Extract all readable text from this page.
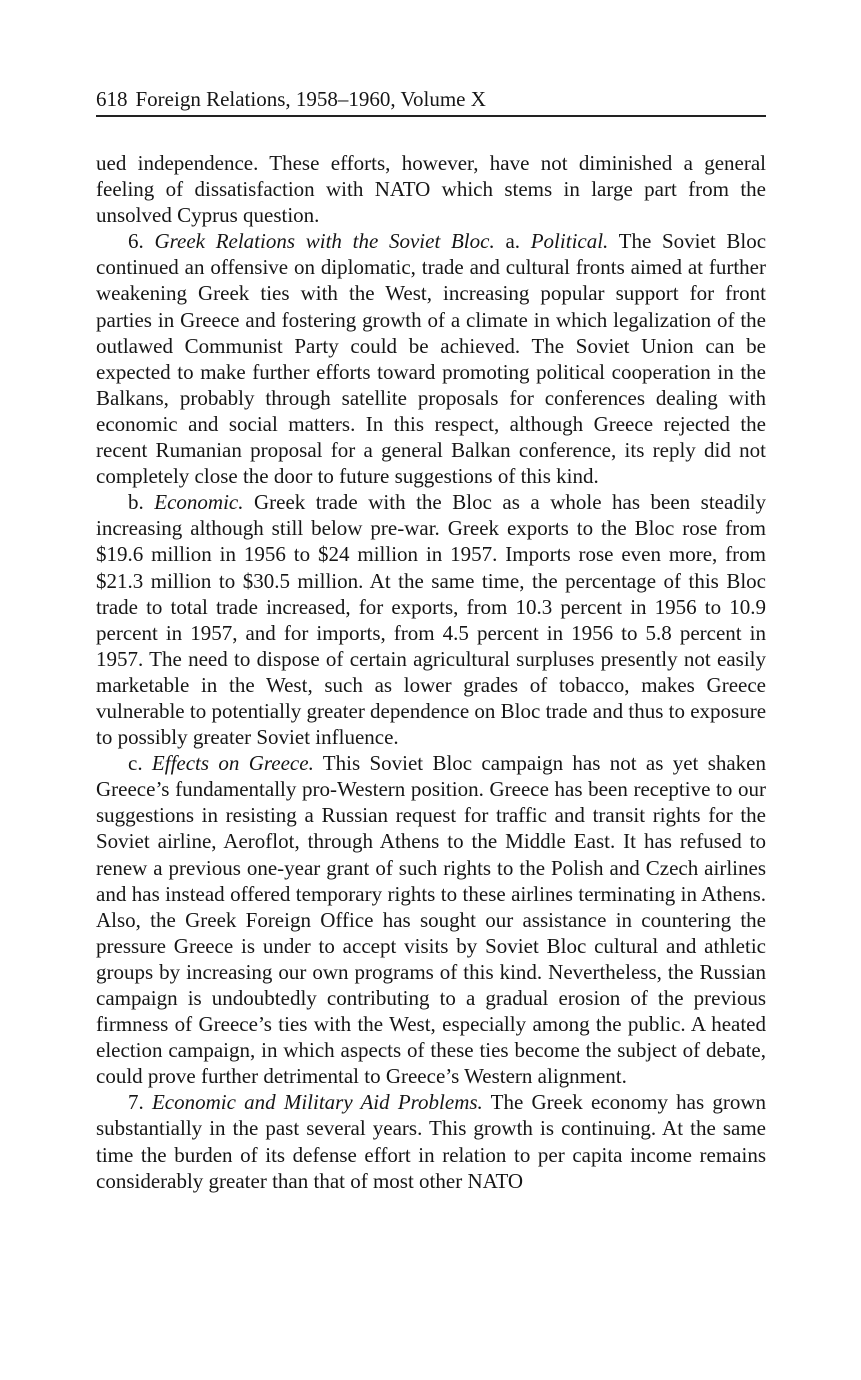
618 Foreign Relations, 1958–1960, Volume X

ued independence. These efforts, however, have not diminished a general feeling of dissatisfaction with NATO which stems in large part from the unsolved Cyprus question.

6. Greek Relations with the Soviet Bloc. a. Political. The Soviet Bloc continued an offensive on diplomatic, trade and cultural fronts aimed at further weakening Greek ties with the West, increasing popular support for front parties in Greece and fostering growth of a climate in which legalization of the outlawed Communist Party could be achieved. The Soviet Union can be expected to make further efforts toward promoting political cooperation in the Balkans, probably through satellite proposals for conferences dealing with economic and social matters. In this respect, although Greece rejected the recent Rumanian proposal for a general Balkan conference, its reply did not completely close the door to future suggestions of this kind.

b. Economic. Greek trade with the Bloc as a whole has been steadily increasing although still below pre-war. Greek exports to the Bloc rose from $19.6 million in 1956 to $24 million in 1957. Imports rose even more, from $21.3 million to $30.5 million. At the same time, the percentage of this Bloc trade to total trade increased, for exports, from 10.3 percent in 1956 to 10.9 percent in 1957, and for imports, from 4.5 percent in 1956 to 5.8 percent in 1957. The need to dispose of certain agricultural surpluses presently not easily marketable in the West, such as lower grades of tobacco, makes Greece vulnerable to potentially greater dependence on Bloc trade and thus to exposure to possibly greater Soviet influence.

c. Effects on Greece. This Soviet Bloc campaign has not as yet shaken Greece’s fundamentally pro-Western position. Greece has been receptive to our suggestions in resisting a Russian request for traffic and transit rights for the Soviet airline, Aeroflot, through Athens to the Middle East. It has refused to renew a previous one-year grant of such rights to the Polish and Czech airlines and has instead offered temporary rights to these airlines terminating in Athens. Also, the Greek Foreign Office has sought our assistance in countering the pressure Greece is under to accept visits by Soviet Bloc cultural and athletic groups by increasing our own programs of this kind. Nevertheless, the Russian campaign is undoubtedly contributing to a gradual erosion of the previous firmness of Greece’s ties with the West, especially among the public. A heated election campaign, in which aspects of these ties become the subject of debate, could prove further detrimental to Greece’s Western alignment.

7. Economic and Military Aid Problems. The Greek economy has grown substantially in the past several years. This growth is continuing. At the same time the burden of its defense effort in relation to per capita income remains considerably greater than that of most other NATO
